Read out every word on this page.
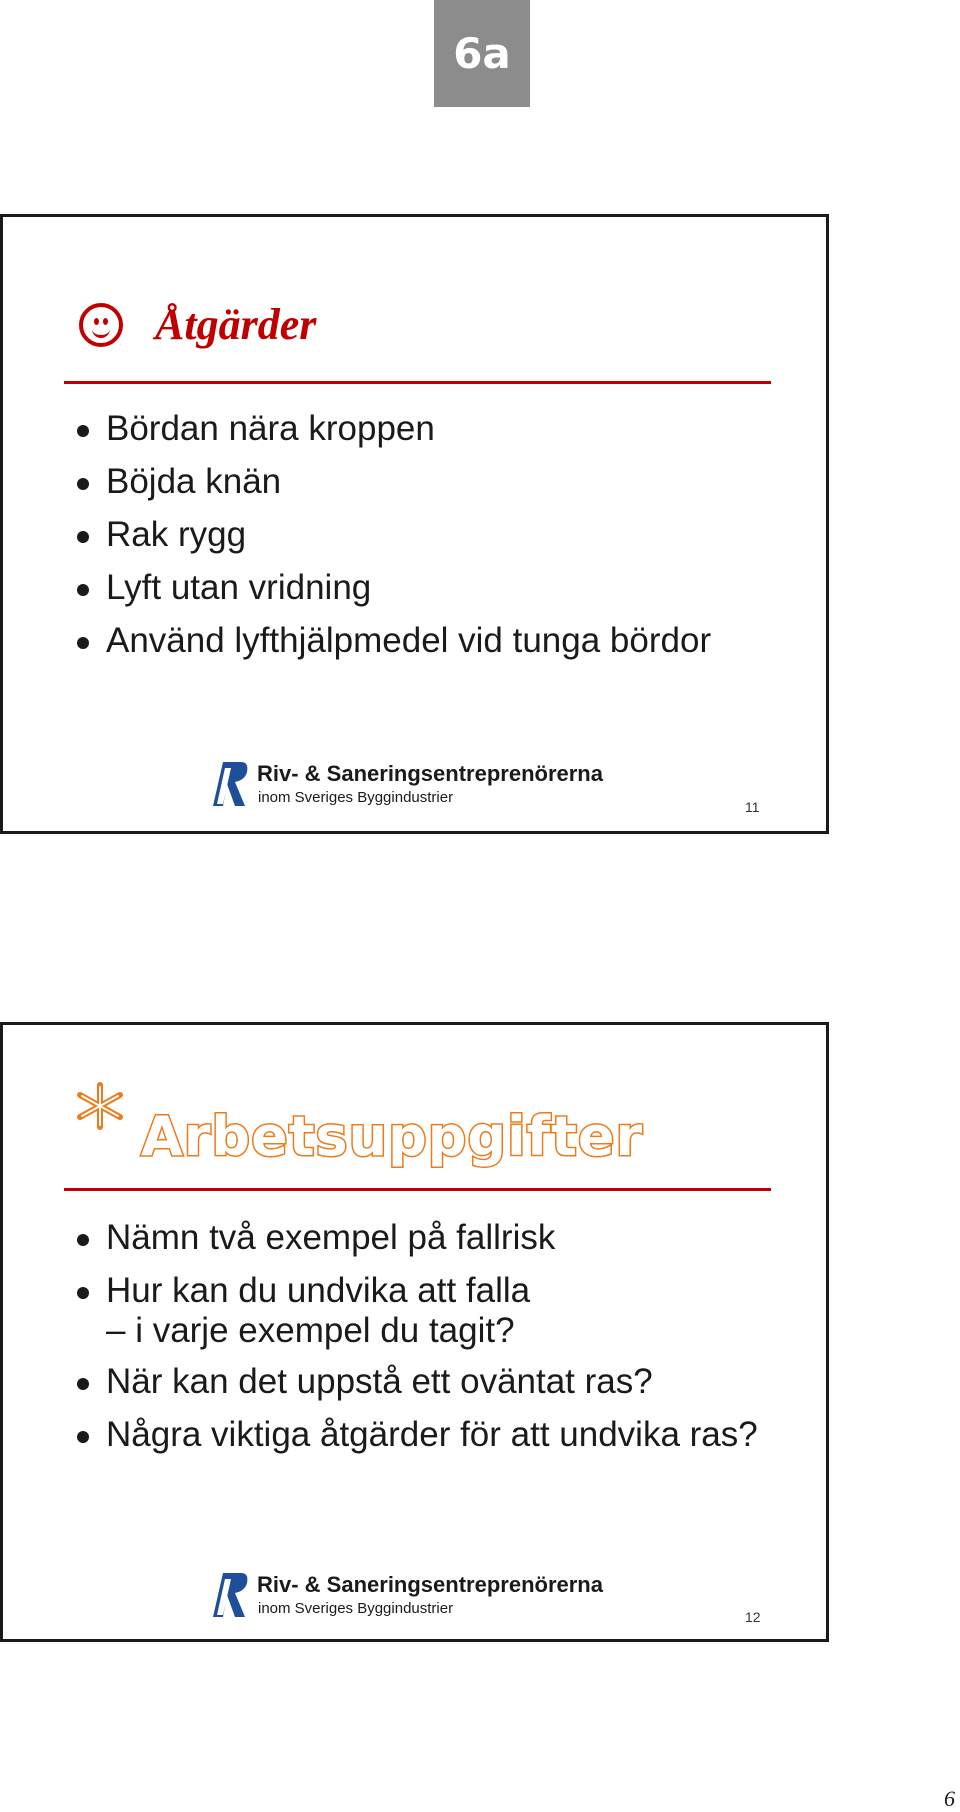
6a
Åtgärder
Bördan nära kroppen
Böjda knän
Rak rygg
Lyft utan vridning
Använd lyfthjälpmedel vid tunga bördor
Riv- & Saneringsentreprenörerna
inom Sveriges Byggindustrier
11
Arbetsuppgifter
Nämn två exempel på fallrisk
Hur kan du undvika att falla
– i varje exempel du tagit?
När kan det uppstå ett oväntat ras?
Några viktiga åtgärder för att undvika ras?
Riv- & Saneringsentreprenörerna
inom Sveriges Byggindustrier	12
6
